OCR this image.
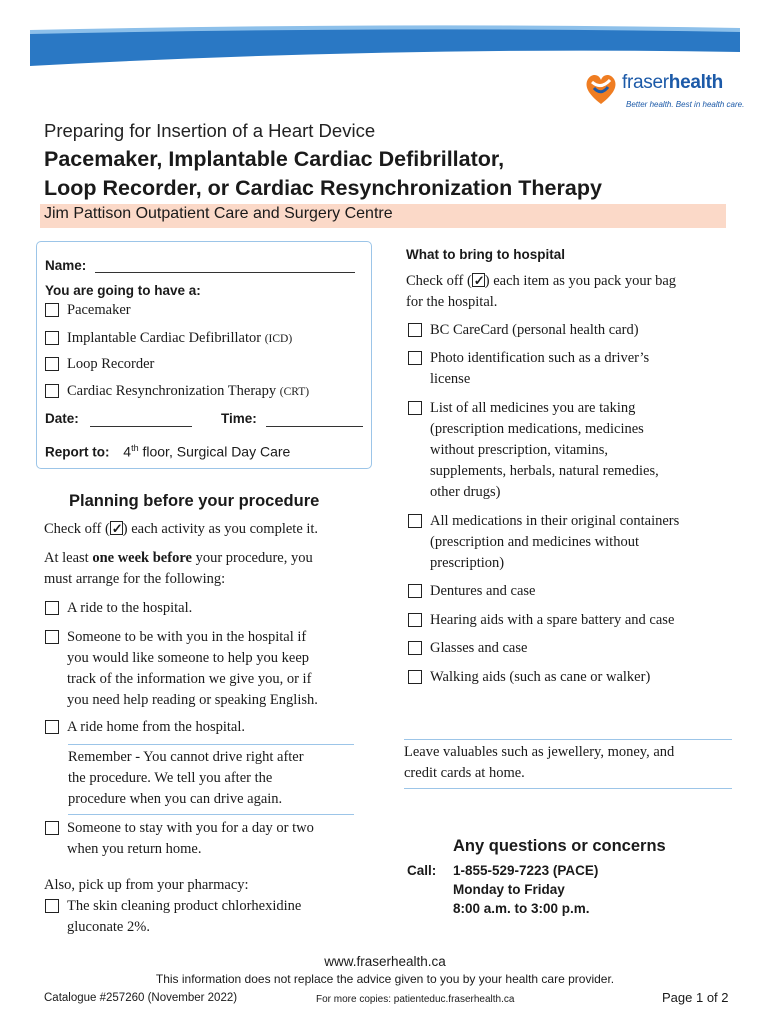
fraserhealth
Better health. Best in health care.
Preparing for Insertion of a Heart Device
Pacemaker, Implantable Cardiac Defibrillator,
Loop Recorder, or Cardiac Resynchronization Therapy
Jim Pattison Outpatient Care and Surgery Centre
Name:
You are going to have a:
Pacemaker
Implantable Cardiac Defibrillator (ICD)
Loop Recorder
Cardiac Resynchronization Therapy (CRT)
Date:	Time:
Report to: 4th floor, Surgical Day Care
Planning before your procedure
Check off ( ✓ ) each activity as you complete it.
At least one week before your procedure, you
must arrange for the following:
A ride to the hospital.
Someone to be with you in the hospital if
you would like someone to help you keep
track of the information we give you, or if
you need help reading or speaking English.
A ride home from the hospital.
Remember - You cannot drive right after
the procedure. We tell you after the
procedure when you can drive again.
Someone to stay with you for a day or two
when you return home.
Also, pick up from your pharmacy:
The skin cleaning product chlorhexidine
gluconate 2%.
What to bring to hospital
Check off ( ✓ ) each item as you pack your bag
for the hospital.
BC CareCard (personal health card)
Photo identification such as a driver’s
license
List of all medicines you are taking
(prescription medications, medicines
without prescription, vitamins,
supplements, herbals, natural remedies,
other drugs)
All medications in their original containers
(prescription and medicines without
prescription)
Dentures and case
Hearing aids with a spare battery and case
Glasses and case
Walking aids (such as cane or walker)
Leave valuables such as jewellery, money, and
credit cards at home.
Any questions or concerns
Call: 1-855-529-7223 (PACE)
Monday to Friday
8:00 a.m. to 3:00 p.m.
www.fraserhealth.ca
This information does not replace the advice given to you by your health care provider.
Catalogue #257260 (November 2022)	For more copies: patienteduc.fraserhealth.ca	Page 1 of 2
